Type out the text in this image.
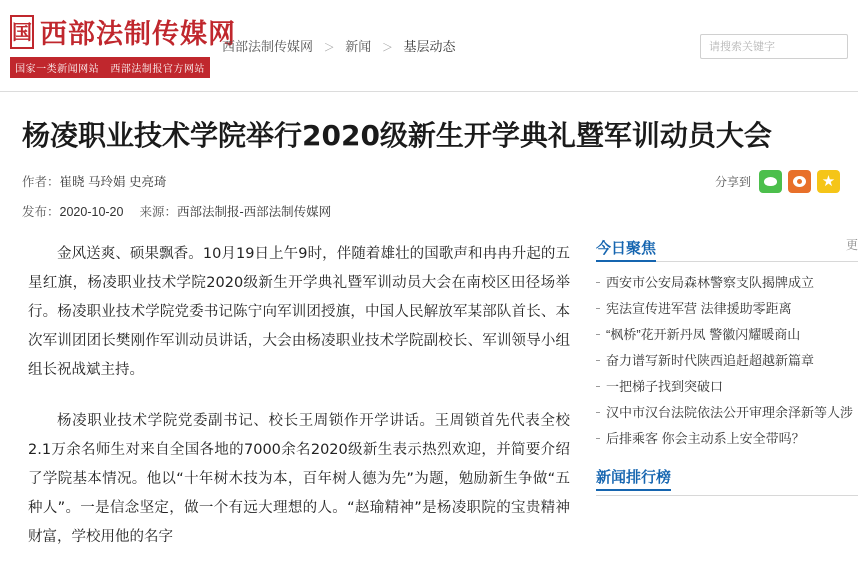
国 西部法制传媒网
国家一类新闻网站 西部法制报官方网站
西部法制传媒网 ＞ 新闻 ＞ 基层动态
请搜索关键字
杨凌职业技术学院举行2020级新生开学典礼暨军训动员大会
作者：崔晓 马玲娟 史亮琦
发布：2020-10-20 来源：西部法制报-西部法制传媒网
分享到
★

金风送爽、硕果飘香。10月19日上午9时，伴随着雄壮的国歌声和冉冉升起的五星红旗，杨凌职业技术学院2020级新生开学典礼暨军训动员大会在南校区田径场举行。杨凌职业技术学院党委书记陈宁向军训团授旗，中国人民解放军某部队首长、本次军训团团长樊刚作军训动员讲话，大会由杨凌职业技术学院副校长、军训领导小组组长祝战斌主持。

杨凌职业技术学院党委副书记、校长王周锁作开学讲话。王周锁首先代表全校2.1万余名师生对来自全国各地的7000余名2020级新生表示热烈欢迎，并简要介绍了学院基本情况。他以“十年树木技为本，百年树人德为先”为题，勉励新生争做“五种人”。一是信念坚定，做一个有远大理想的人。“赵瑜精神”是杨凌职院的宝贵精神财富，学校用他的名字

今日聚焦	更
西安市公安局森林警察支队揭牌成立
宪法宣传进军营 法律援助零距离
“枫桥”花开新丹凤 警徽闪耀暖商山
奋力谱写新时代陕西追赶超越新篇章
一把梯子找到突破口
汉中市汉台法院依法公开审理余泽新等人涉
后排乘客 你会主动系上安全带吗？
新闻排行榜
